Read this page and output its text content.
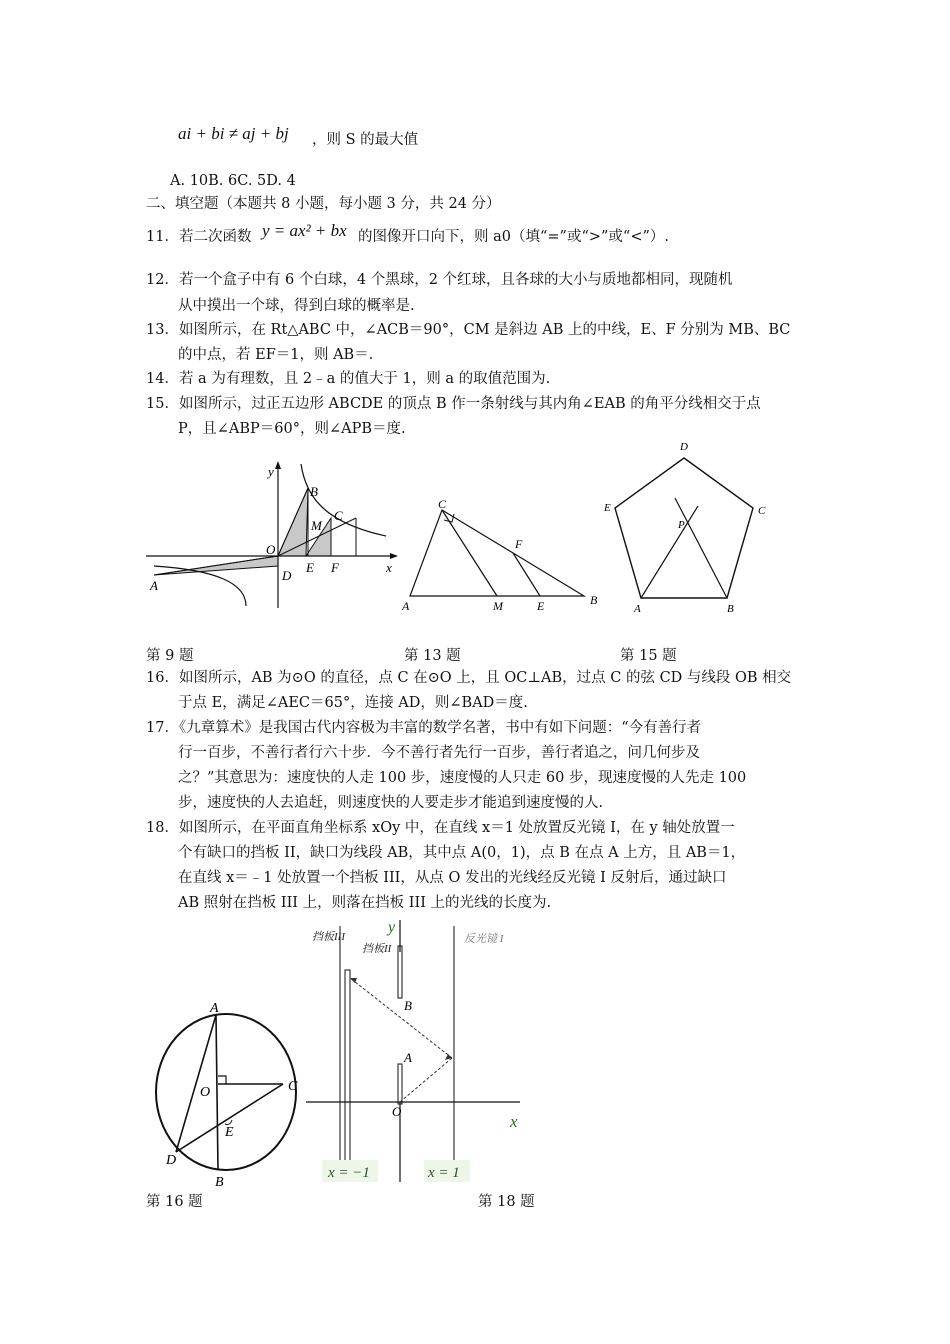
ai + bi ≠ aj + bj ，则 S 的最大值
A. 10B. 6C. 5D. 4
二、填空题（本题共 8 小题，每小题 3 分，共 24 分）
11．若二次函数 y = ax² + bx 的图像开口向下，则 a0（填“=”或“>”或“<”）.
12．若一个盒子中有 6 个白球，4 个黑球，2 个红球，且各球的大小与质地都相同，现随机
从中摸出一个球，得到白球的概率是.
13．如图所示，在 Rt△ABC 中，∠ACB＝90°，CM 是斜边 AB 上的中线，E、F 分别为 MB、BC
的中点，若 EF＝1，则 AB＝.
14．若 a 为有理数，且 2﹣a 的值大于 1，则 a 的取值范围为.
15．如图所示，过正五边形 ABCDE 的顶点 B 作一条射线与其内角∠EAB 的角平分线相交于点
P，且∠ABP＝60°，则∠APB＝度.
y
B
C
M
O
A
D
E F	x
C
F
A	M	E	B
D
E	C
P
A	B
第 9 题	第 13 题	第 15 题
16．如图所示，AB 为⊙O 的直径，点 C 在⊙O 上，且 OC⊥AB，过点 C 的弦 CD 与线段 OB 相交
于点 E，满足∠AEC＝65°，连接 AD，则∠BAD＝度.
17．《九章算术》是我国古代内容极为丰富的数学名著，书中有如下问题：“今有善行者
行一百步，不善行者行六十步．今不善行者先行一百步，善行者追之，问几何步及
之？”其意思为：速度快的人走 100 步，速度慢的人只走 60 步，现速度慢的人先走 100
步，速度快的人去追赶，则速度快的人要走步才能追到速度慢的人.
18．如图所示，在平面直角坐标系 xOy 中，在直线 x＝1 处放置反光镜 I，在 y 轴处放置一
个有缺口的挡板 II，缺口为线段 AB，其中点 A(0，1)，点 B 在点 A 上方，且 AB＝1，
在直线 x＝﹣1 处放置一个挡板 III，从点 O 发出的光线经反光镜 I 反射后，通过缺口
AB 照射在挡板 III 上，则落在挡板 III 上的光线的长度为.
A
O	C
E
D
B
x
y
挡板III
挡板II
反光镜 I
B
A
O
x = −1	x = 1
第 16 题	第 18 题
